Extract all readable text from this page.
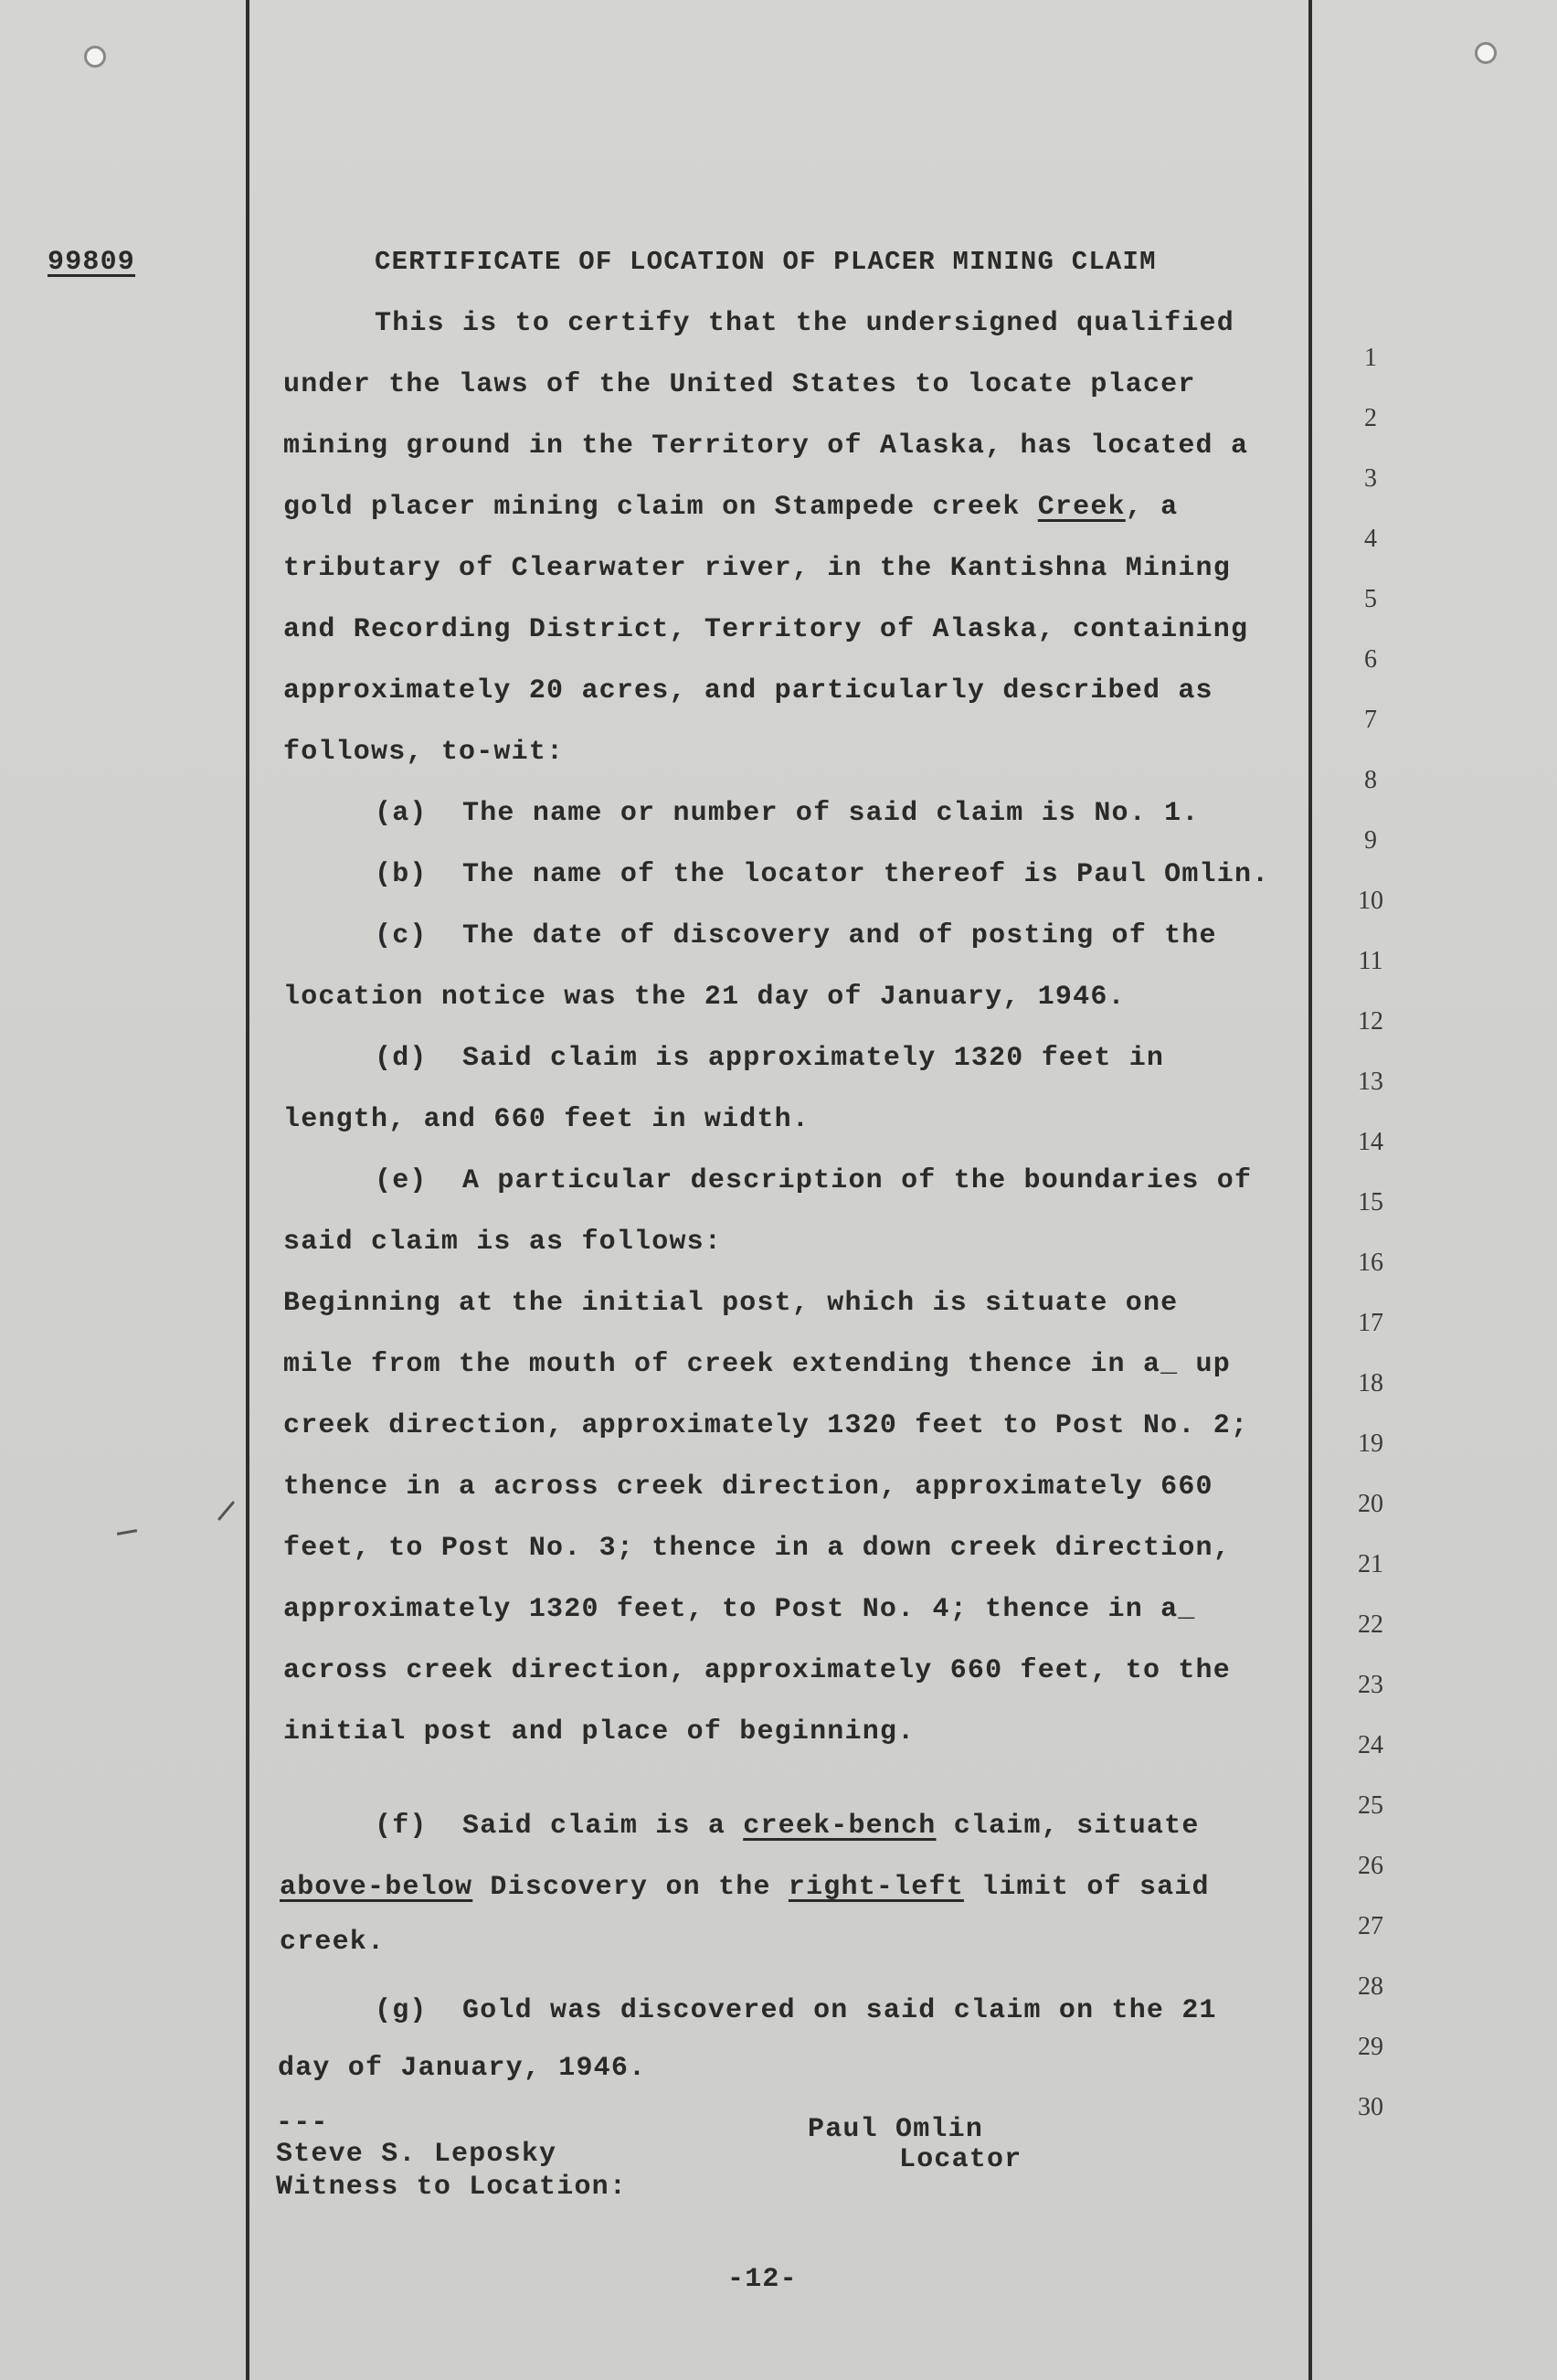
99809	CERTIFICATE OF LOCATION OF PLACER MINING CLAIM
This is to certify that the undersigned qualified
under the laws of the United States to locate placer
mining ground in the Territory of Alaska, has located a
gold placer mining claim on Stampede creek Creek, a
tributary of Clearwater river, in the Kantishna Mining
and Recording District, Territory of Alaska, containing
approximately 20 acres, and particularly described as
follows, to-wit:
(a)  The name or number of said claim is No. 1.
(b)  The name of the locator thereof is Paul Omlin.
(c)  The date of discovery and of posting of the
location notice was the 21 day of January, 1946.
(d)  Said claim is approximately 1320 feet in
length, and 660 feet in width.
(e)  A particular description of the boundaries of
said claim is as follows:
Beginning at the initial post, which is situate one
mile from the mouth of creek extending thence in a_ up
creek direction, approximately 1320 feet to Post No. 2;
thence in a across creek direction, approximately 660
feet, to Post No. 3; thence in a down creek direction,
approximately 1320 feet, to Post No. 4; thence in a_
across creek direction, approximately 660 feet, to the
initial post and place of beginning.
(f)  Said claim is a creek-bench claim, situate
above-below Discovery on the right-left limit of said
creek.
(g)  Gold was discovered on said claim on the 21
day of January, 1946.
---
Steve S. Leposky
Witness to Location:
Paul Omlin
Locator
-12-
1
2
3
4
5
6
7
8
9
10
11
12
13
14
15
16
17
18
19
20
21
22
23
24
25
26
27
28
29
30
